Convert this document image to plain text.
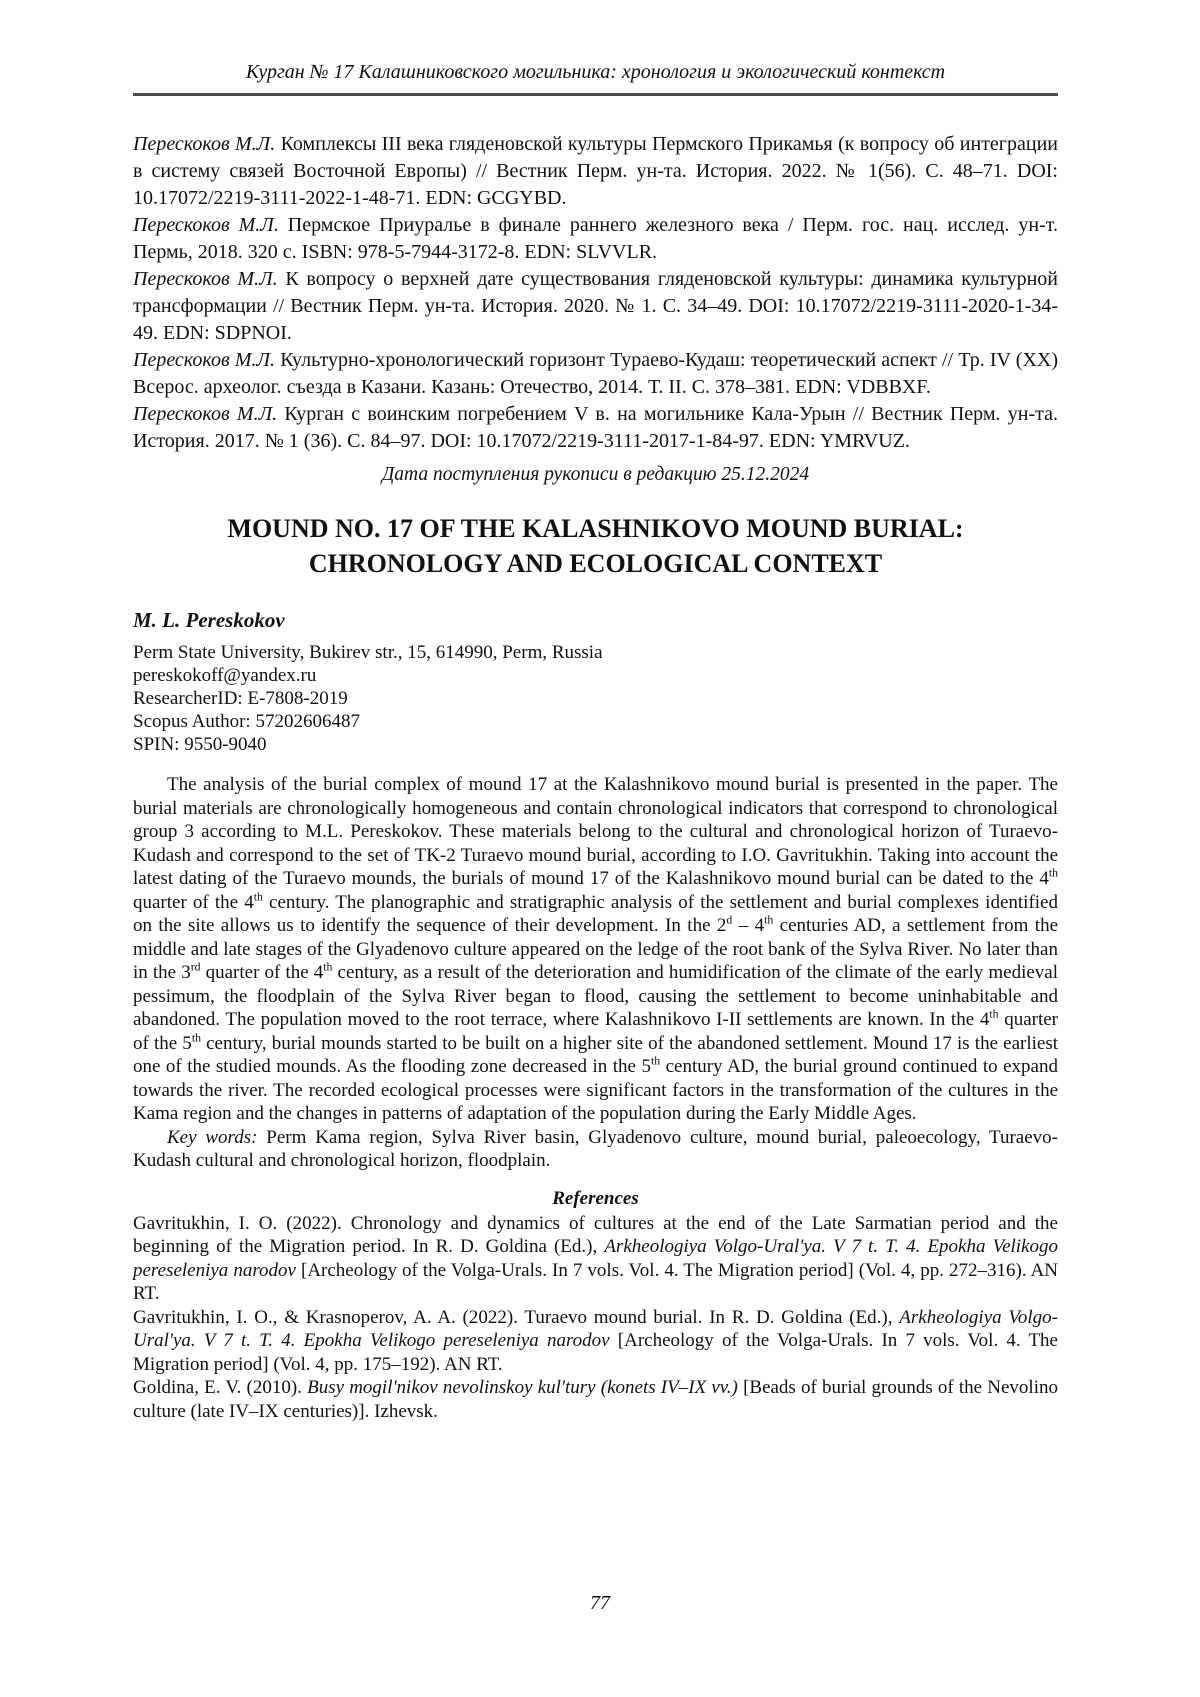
Курган № 17 Калашниковского могильника: хронология и экологический контекст

Перескоков М.Л. Комплексы III века гляденовской культуры Пермского Прикамья (к вопросу об интеграции в систему связей Восточной Европы) // Вестник Перм. ун-та. История. 2022. № 1(56). С. 48–71. DOI: 10.17072/2219-3111-2022-1-48-71. EDN: GCGYBD.

Перескоков М.Л. Пермское Приуралье в финале раннего железного века / Перм. гос. нац. исслед. ун-т. Пермь, 2018. 320 с. ISBN: 978-5-7944-3172-8. EDN: SLVVLR.

Перескоков М.Л. К вопросу о верхней дате существования гляденовской культуры: динамика культурной трансформации // Вестник Перм. ун-та. История. 2020. № 1. С. 34–49. DOI: 10.17072/2219-3111-2020-1-34-49. EDN: SDPNOI.

Перескоков М.Л. Культурно-хронологический горизонт Тураево-Кудаш: теоретический аспект // Тр. IV (XX) Всерос. археолог. съезда в Казани. Казань: Отечество, 2014. Т. II. С. 378–381. EDN: VDBBXF.

Перескоков М.Л. Курган с воинским погребением V в. на могильнике Кала-Урын // Вестник Перм. ун-та. История. 2017. № 1 (36). С. 84–97. DOI: 10.17072/2219-3111-2017-1-84-97. EDN: YMRVUZ.

Дата поступления рукописи в редакцию 25.12.2024
MOUND NO. 17 OF THE KALASHNIKOVO MOUND BURIAL: CHRONOLOGY AND ECOLOGICAL CONTEXT
M. L. Pereskokov
Perm State University, Bukirev str., 15, 614990, Perm, Russia
pereskokoff@yandex.ru
ResearcherID: E-7808-2019
Scopus Author: 57202606487
SPIN: 9550-9040

The analysis of the burial complex of mound 17 at the Kalashnikovo mound burial is presented in the paper. The burial materials are chronologically homogeneous and contain chronological indicators that correspond to chronological group 3 according to M.L. Pereskokov. These materials belong to the cultural and chronological horizon of Turaevo-Kudash and correspond to the set of TK-2 Turaevo mound burial, according to I.O. Gavritukhin. Taking into account the latest dating of the Turaevo mounds, the burials of mound 17 of the Kalashnikovo mound burial can be dated to the 4th quarter of the 4th century. The planographic and stratigraphic analysis of the settlement and burial complexes identified on the site allows us to identify the sequence of their development. In the 2$^d$ – 4th centuries AD, a settlement from the middle and late stages of the Glyadenovo culture appeared on the ledge of the root bank of the Sylva River. No later than in the 3rd quarter of the 4th century, as a result of the deterioration and humidification of the climate of the early medieval pessimum, the floodplain of the Sylva River began to flood, causing the settlement to become uninhabitable and abandoned. The population moved to the root terrace, where Kalashnikovo I-II settlements are known. In the 4th quarter of the 5th century, burial mounds started to be built on a higher site of the abandoned settlement. Mound 17 is the earliest one of the studied mounds. As the flooding zone decreased in the 5th century AD, the burial ground continued to expand towards the river. The recorded ecological processes were significant factors in the transformation of the cultures in the Kama region and the changes in patterns of adaptation of the population during the Early Middle Ages.

Key words: Perm Kama region, Sylva River basin, Glyadenovo culture, mound burial, paleoecology, Turaevo-Kudash cultural and chronological horizon, floodplain.

References

Gavritukhin, I. O. (2022). Chronology and dynamics of cultures at the end of the Late Sarmatian period and the beginning of the Migration period. In R. D. Goldina (Ed.), Arkheologiya Volgo-Ural'ya. V 7 t. T. 4. Epokha Velikogo pereseleniya narodov [Archeology of the Volga-Urals. In 7 vols. Vol. 4. The Migration period] (Vol. 4, pp. 272–316). AN RT.

Gavritukhin, I. O., & Krasnoperov, A. A. (2022). Turaevo mound burial. In R. D. Goldina (Ed.), Arkheologiya Volgo-Ural'ya. V 7 t. T. 4. Epokha Velikogo pereseleniya narodov [Archeology of the Volga-Urals. In 7 vols. Vol. 4. The Migration period] (Vol. 4, pp. 175–192). AN RT.

Goldina, E. V. (2010). Busy mogil'nikov nevolinskoy kul'tury (konets IV–IX vv.) [Beads of burial grounds of the Nevolino culture (late IV–IX centuries)]. Izhevsk.

77
